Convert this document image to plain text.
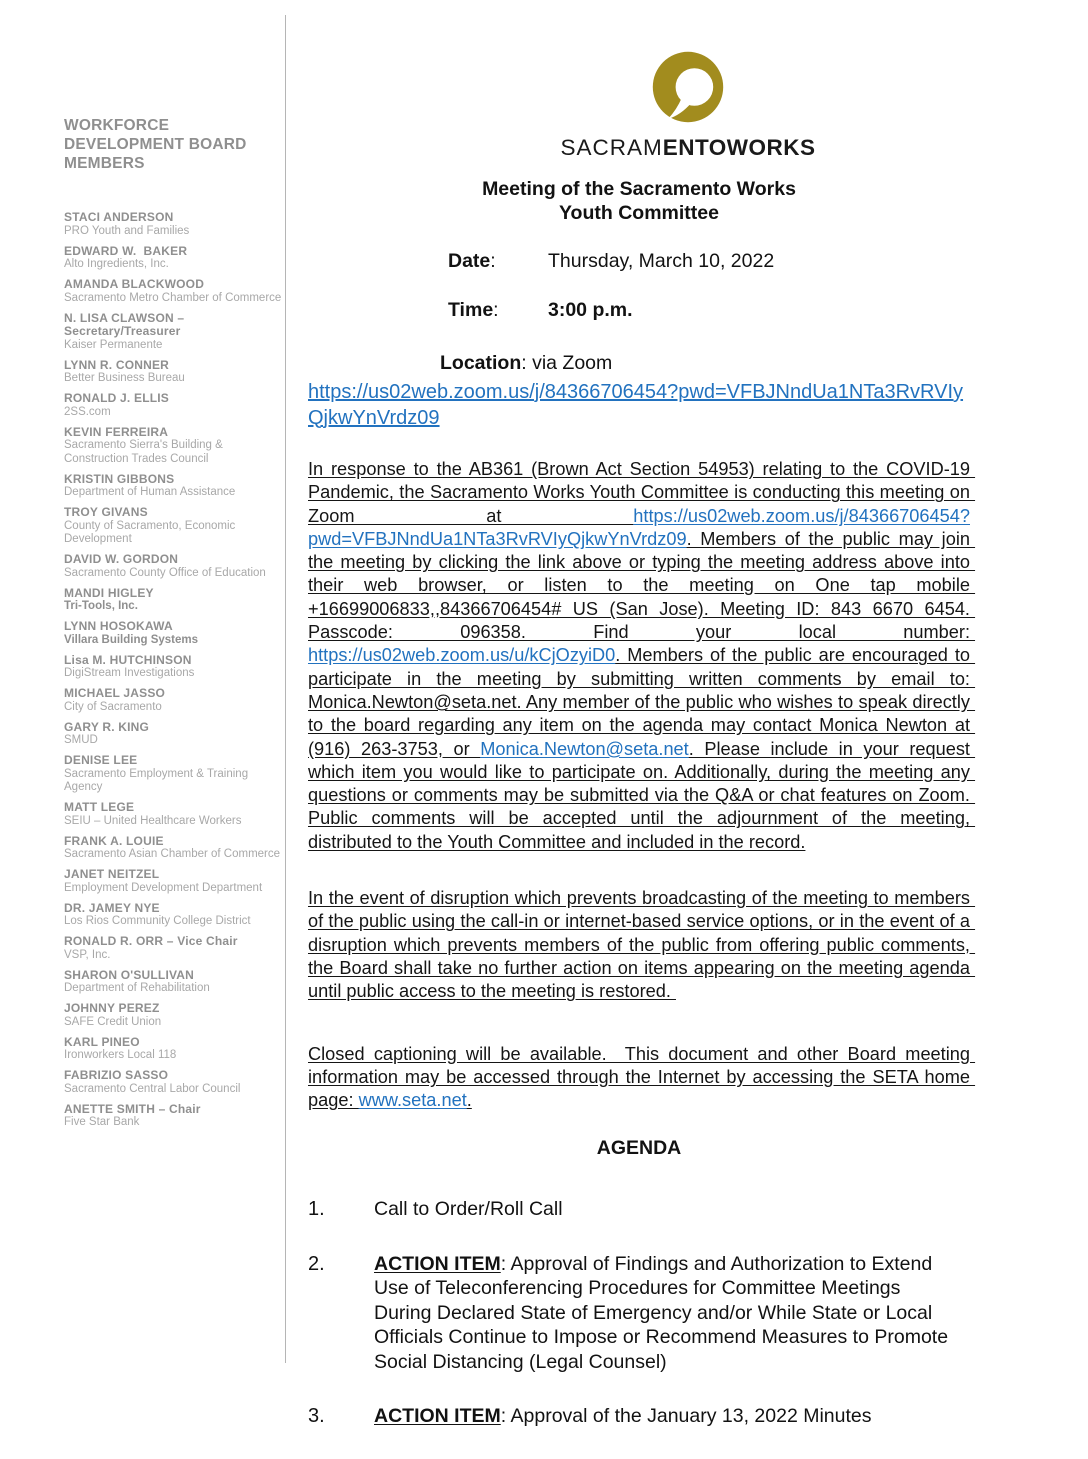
WORKFORCE DEVELOPMENT BOARD MEMBERS
STACI ANDERSON
PRO Youth and Families
EDWARD W.  BAKER
Alto Ingredients, Inc.
AMANDA BLACKWOOD
Sacramento Metro Chamber of Commerce
N. LISA CLAWSON – Secretary/Treasurer
Kaiser Permanente
LYNN R. CONNER
Better Business Bureau
RONALD J. ELLIS
2SS.com
KEVIN FERREIRA
Sacramento Sierra's Building & Construction Trades Council
KRISTIN GIBBONS
Department of Human Assistance
TROY GIVANS
County of Sacramento, Economic Development
DAVID W. GORDON
Sacramento County Office of Education
MANDI HIGLEY
Tri-Tools, Inc.
LYNN HOSOKAWA
Villara Building Systems
Lisa M. HUTCHINSON
DigiStream Investigations
MICHAEL JASSO
City of Sacramento
GARY R. KING
SMUD
DENISE LEE
Sacramento Employment & Training Agency
MATT LEGE
SEIU – United Healthcare Workers
FRANK A. LOUIE
Sacramento Asian Chamber of Commerce
JANET NEITZEL
Employment Development Department
DR. JAMEY NYE
Los Rios Community College District
RONALD R. ORR – Vice Chair
VSP, Inc.
SHARON O'SULLIVAN
Department of Rehabilitation
JOHNNY PEREZ
SAFE Credit Union
KARL PINEO
Ironworkers Local 118
FABRIZIO SASSO
Sacramento Central Labor Council
ANETTE SMITH – Chair
Five Star Bank
SACRAMENTOWORKS
Meeting of the Sacramento Works
Youth Committee
Date:	Thursday, March 10, 2022
Time:	3:00 p.m.
Location: via Zoom
https://us02web.zoom.us/j/84366706454?pwd=VFBJNndUa1NTa3RvRVIyQjkwYnVrdz09

In response to the AB361 (Brown Act Section 54953) relating to the COVID-19 Pandemic, the Sacramento Works Youth Committee is conducting this meeting on Zoom at https://us02web.zoom.us/j/84366706454?pwd=VFBJNndUa1NTa3RvRVIyQjkwYnVrdz09. Members of the public may join the meeting by clicking the link above or typing the meeting address above into their web browser, or listen to the meeting on One tap mobile +16699006833,,84366706454# US (San Jose). Meeting ID: 843 6670 6454. Passcode: 096358. Find your local number: https://us02web.zoom.us/u/kCjOzyiD0. Members of the public are encouraged to participate in the meeting by submitting written comments by email to: Monica.Newton@seta.net. Any member of the public who wishes to speak directly to the board regarding any item on the agenda may contact Monica Newton at (916) 263-3753, or Monica.Newton@seta.net. Please include in your request which item you would like to participate on. Additionally, during the meeting any questions or comments may be submitted via the Q&A or chat features on Zoom. Public comments will be accepted until the adjournment of the meeting, distributed to the Youth Committee and included in the record.

In the event of disruption which prevents broadcasting of the meeting to members of the public using the call-in or internet-based service options, or in the event of a disruption which prevents members of the public from offering public comments, the Board shall take no further action on items appearing on the meeting agenda until public access to the meeting is restored.

Closed captioning will be available.  This document and other Board meeting information may be accessed through the Internet by accessing the SETA home page: www.seta.net.

AGENDA
1.	Call to Order/Roll Call
2.	ACTION ITEM: Approval of Findings and Authorization to Extend Use of Teleconferencing Procedures for Committee Meetings During Declared State of Emergency and/or While State or Local Officials Continue to Impose or Recommend Measures to Promote Social Distancing (Legal Counsel)
3.	ACTION ITEM: Approval of the January 13, 2022 Minutes
